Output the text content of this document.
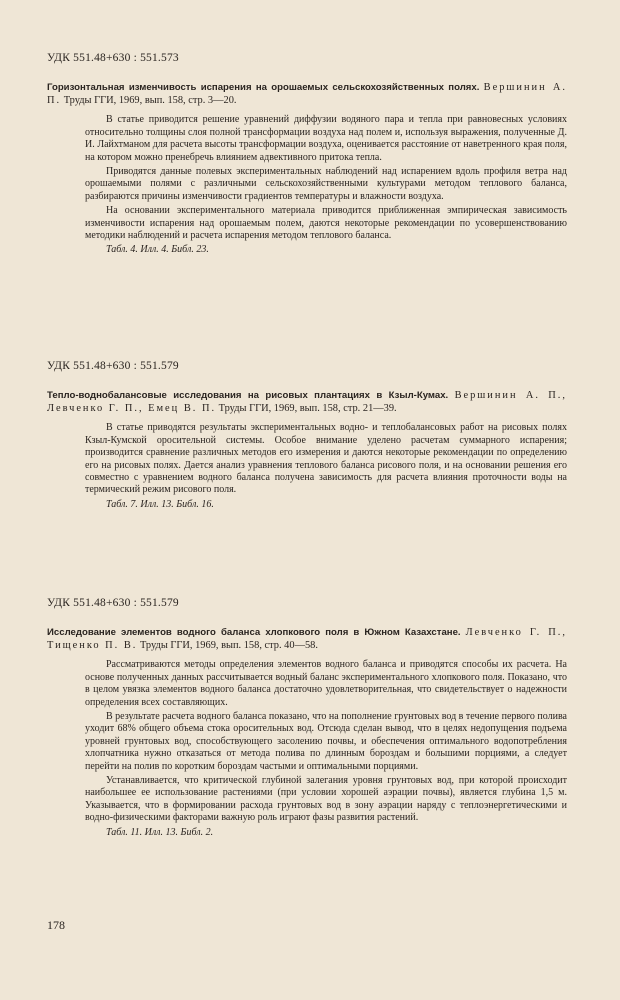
УДК 551.48+630 : 551.573
Горизонтальная изменчивость испарения на орошаемых сельскохозяйственных полях. Вершинин А. П. Труды ГГИ, 1969, вып. 158, стр. 3—20.

В статье приводится решение уравнений диффузии водяного пара и тепла при равновесных условиях относительно толщины слоя полной трансформации воздуха над полем и, используя выражения, полученные Д. И. Лайхтманом для расчета высоты трансформации воздуха, оценивается расстояние от наветренного края поля, на котором можно пренебречь влиянием адвективного притока тепла.

Приводятся данные полевых экспериментальных наблюдений над испарением вдоль профиля ветра над орошаемыми полями с различными сельскохозяйственными культурами методом теплового баланса, разбираются причины изменчивости градиентов температуры и влажности воздуха.

На основании экспериментального материала приводится приближенная эмпирическая зависимость изменчивости испарения над орошаемым полем, даются некоторые рекомендации по усовершенствованию методики наблюдений и расчета испарения методом теплового баланса.

Табл. 4. Илл. 4. Библ. 23.
УДК 551.48+630 : 551.579
Тепло-воднобалансовые исследования на рисовых плантациях в Кзыл-Кумах. Вершинин А. П., Левченко Г. П., Емец В. П. Труды ГГИ, 1969, вып. 158, стр. 21—39.

В статье приводятся результаты экспериментальных водно- и теплобалансовых работ на рисовых полях Кзыл-Кумской оросительной системы. Особое внимание уделено расчетам суммарного испарения; производится сравнение различных методов его измерения и даются некоторые рекомендации по определению его на рисовых полях. Дается анализ уравнения теплового баланса рисового поля, и на основании решения его совместно с уравнением водного баланса получена зависимость для расчета влияния проточности воды на термический режим рисового поля.

Табл. 7. Илл. 13. Библ. 16.
УДК 551.48+630 : 551.579
Исследование элементов водного баланса хлопкового поля в Южном Казахстане. Левченко Г. П., Тищенко П. В. Труды ГГИ, 1969, вып. 158, стр. 40—58.

Рассматриваются методы определения элементов водного баланса и приводятся способы их расчета. На основе полученных данных рассчитывается водный баланс экспериментального хлопкового поля. Показано, что в целом увязка элементов водного баланса достаточно удовлетворительная, что свидетельствует о надежности определения всех составляющих.

В результате расчета водного баланса показано, что на пополнение грунтовых вод в течение первого полива уходит 68% общего объема стока оросительных вод. Отсюда сделан вывод, что в целях недопущения подъема уровней грунтовых вод, способствующего засолению почвы, и обеспечения оптимального водопотребления хлопчатника нужно отказаться от метода полива по длинным бороздам и большими порциями, а следует перейти на полив по коротким бороздам частыми и оптимальными порциями.

Устанавливается, что критической глубиной залегания уровня грунтовых вод, при которой происходит наибольшее ее использование растениями (при условии хорошей аэрации почвы), является глубина 1,5 м. Указывается, что в формировании расхода грунтовых вод в зону аэрации наряду с теплоэнергетическими и водно-физическими факторами важную роль играют фазы развития растений.

Табл. 11. Илл. 13. Библ. 2.
178
